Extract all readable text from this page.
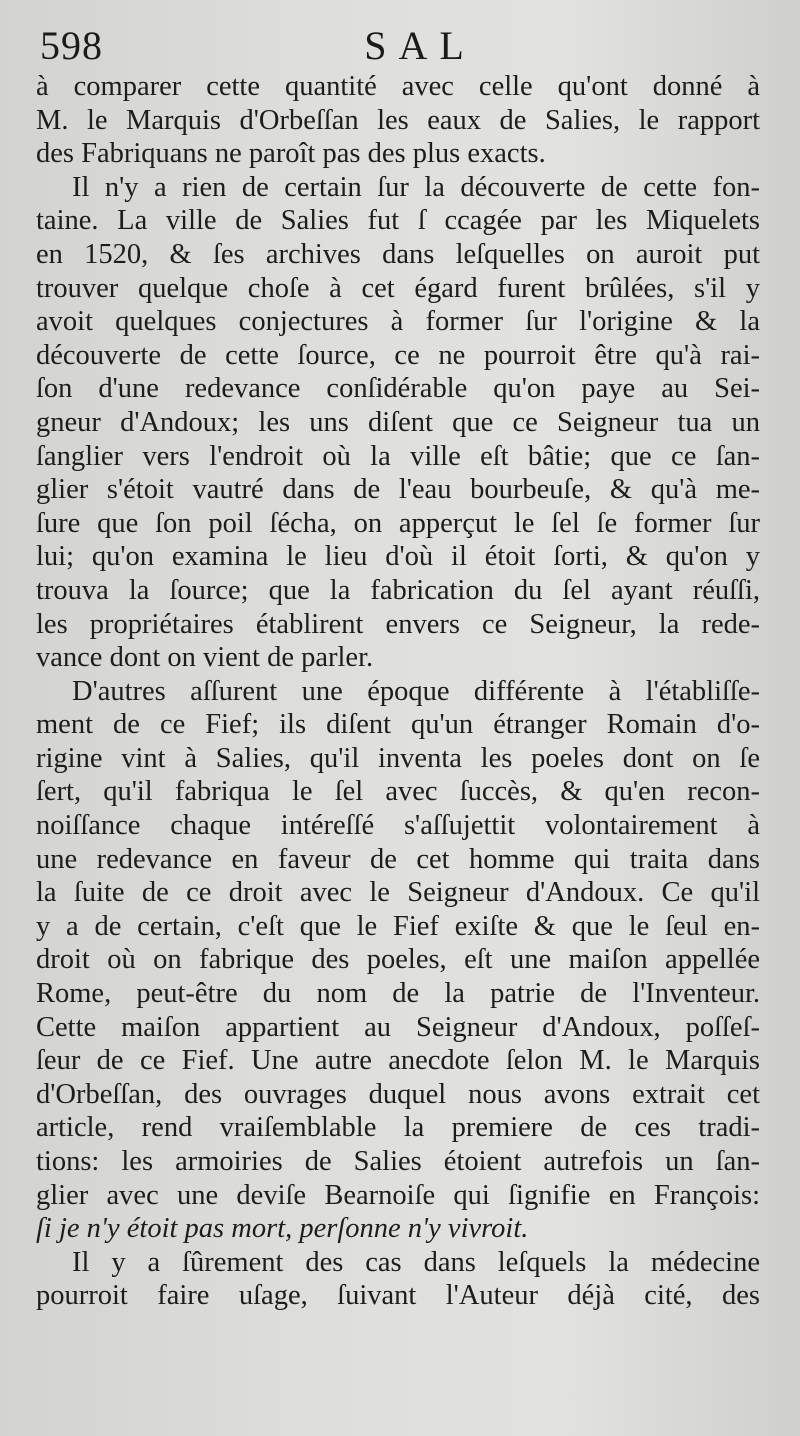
598	SAL
à comparer cette quantité avec celle qu'ont donné à
M. le Marquis d'Orbeſſan les eaux de Salies, le rapport
des Fabriquans ne paroît pas des plus exacts.
Il n'y a rien de certain ſur la découverte de cette fon-
taine. La ville de Salies fut ſ ccagée par les Miquelets
en 1520, & ſes archives dans leſquelles on auroit put
trouver quelque choſe à cet égard furent brûlées, s'il y
avoit quelques conjectures à former ſur l'origine & la
découverte de cette ſource, ce ne pourroit être qu'à rai-
ſon d'une redevance conſidérable qu'on paye au Sei-
gneur d'Andoux; les uns diſent que ce Seigneur tua un
ſanglier vers l'endroit où la ville eſt bâtie; que ce ſan-
glier s'étoit vautré dans de l'eau bourbeuſe, & qu'à me-
ſure que ſon poil ſécha, on apperçut le ſel ſe former ſur
lui; qu'on examina le lieu d'où il étoit ſorti, & qu'on y
trouva la ſource; que la fabrication du ſel ayant réuſſi,
les propriétaires établirent envers ce Seigneur, la rede-
vance dont on vient de parler.
D'autres aſſurent une époque différente à l'établiſſe-
ment de ce Fief; ils diſent qu'un étranger Romain d'o-
rigine vint à Salies, qu'il inventa les poeles dont on ſe
ſert, qu'il fabriqua le ſel avec ſuccès, & qu'en recon-
noiſſance chaque intéreſſé s'aſſujettit volontairement à
une redevance en faveur de cet homme qui traita dans
la ſuite de ce droit avec le Seigneur d'Andoux. Ce qu'il
y a de certain, c'eſt que le Fief exiſte & que le ſeul en-
droit où on fabrique des poeles, eſt une maiſon appellée
Rome, peut-être du nom de la patrie de l'Inventeur.
Cette maiſon appartient au Seigneur d'Andoux, poſſeſ-
ſeur de ce Fief. Une autre anecdote ſelon M. le Marquis
d'Orbeſſan, des ouvrages duquel nous avons extrait cet
article, rend vraiſemblable la premiere de ces tradi-
tions: les armoiries de Salies étoient autrefois un ſan-
glier avec une deviſe Bearnoiſe qui ſignifie en François:
ſi je n'y étoit pas mort, perſonne n'y vivroit.
Il y a ſûrement des cas dans leſquels la médecine
pourroit faire uſage, ſuivant l'Auteur déjà cité, des
